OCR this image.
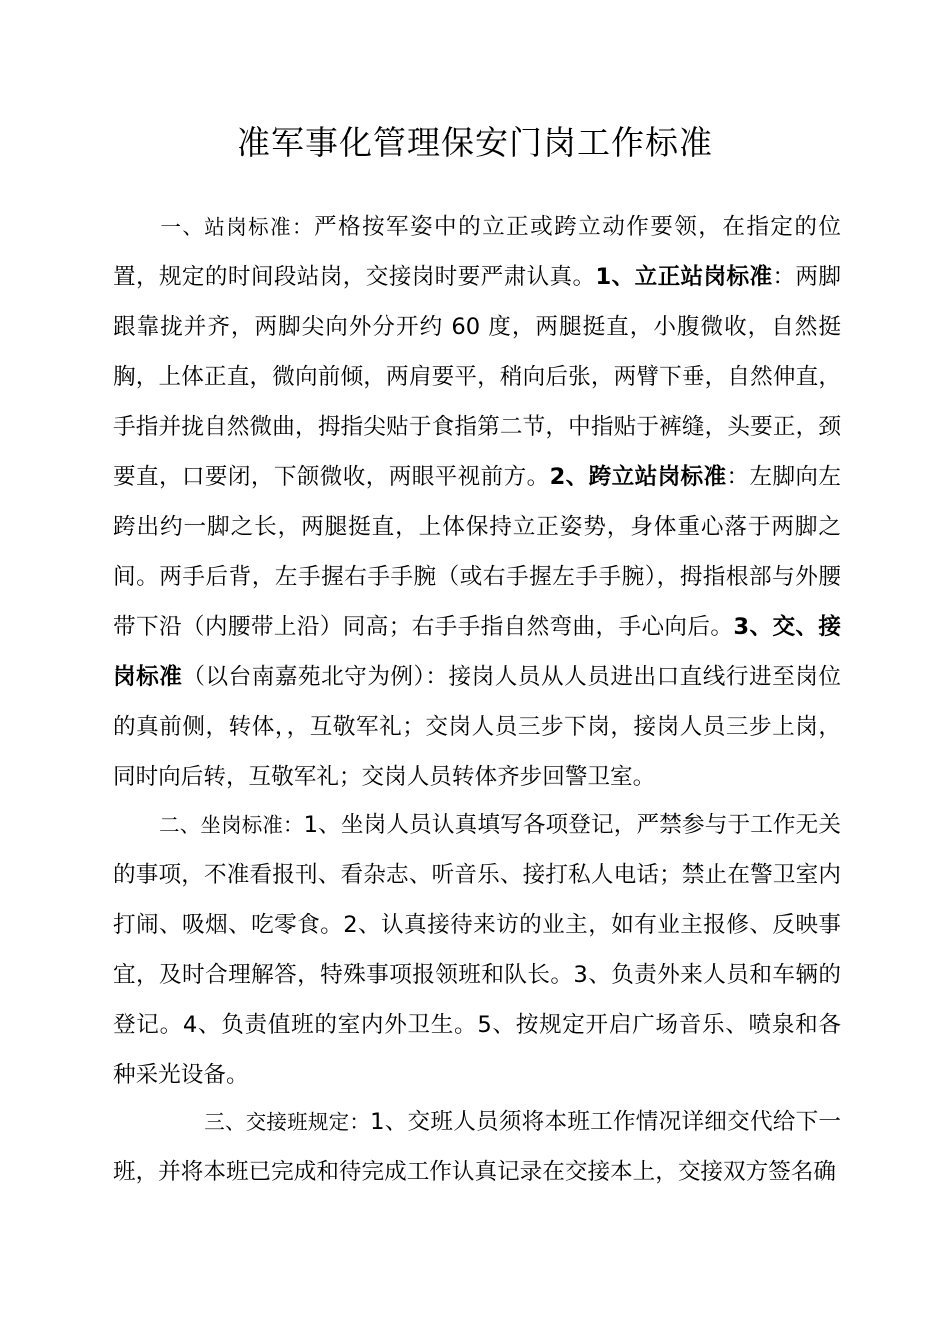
准军事化管理保安门岗工作标准

一、站岗标准：严格按军姿中的立正或跨立动作要领，在指定的位置，规定的时间段站岗，交接岗时要严肃认真。1、立正站岗标准：两脚跟靠拢并齐，两脚尖向外分开约 60 度，两腿挺直，小腹微收，自然挺胸，上体正直，微向前倾，两肩要平，稍向后张，两臂下垂，自然伸直，手指并拢自然微曲，拇指尖贴于食指第二节，中指贴于裤缝，头要正，颈要直，口要闭，下颌微收，两眼平视前方。2、跨立站岗标准：左脚向左跨出约一脚之长，两腿挺直，上体保持立正姿势，身体重心落于两脚之间。两手后背，左手握右手手腕（或右手握左手手腕），拇指根部与外腰带下沿（内腰带上沿）同高；右手手指自然弯曲，手心向后。3、交、接岗标准（以台南嘉苑北守为例）：接岗人员从人员进出口直线行进至岗位的真前侧，转体，，互敬军礼；交岗人员三步下岗，接岗人员三步上岗，同时向后转，互敬军礼；交岗人员转体齐步回警卫室。

二、坐岗标准：1、坐岗人员认真填写各项登记，严禁参与于工作无关的事项，不准看报刊、看杂志、听音乐、接打私人电话；禁止在警卫室内打闹、吸烟、吃零食。2、认真接待来访的业主，如有业主报修、反映事宜，及时合理解答，特殊事项报领班和队长。3、负责外来人员和车辆的登记。4、负责值班的室内外卫生。5、按规定开启广场音乐、喷泉和各种采光设备。

三、交接班规定：1、交班人员须将本班工作情况详细交代给下一班，并将本班已完成和待完成工作认真记录在交接本上，交接双方签名确
